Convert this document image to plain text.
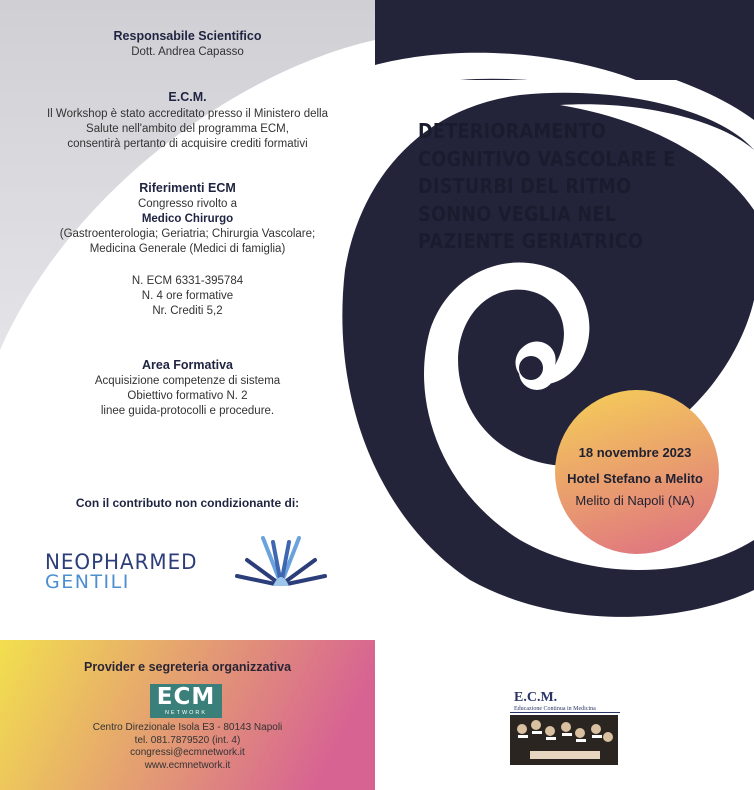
Responsabile Scientifico
Dott. Andrea Capasso
E.C.M.
Il Workshop è stato accreditato presso il Ministero della
Salute nell'ambito del programma ECM,
consentirà pertanto di acquisire crediti formativi
Riferimenti ECM
Congresso rivolto a
Medico Chirurgo
(Gastroenterologia; Geriatria; Chirurgia Vascolare;
Medicina Generale (Medici di famiglia)
N. ECM 6331-395784
N. 4 ore formative
Nr. Crediti 5,2
Area Formativa
Acquisizione competenze di sistema
Obiettivo formativo N. 2
linee guida-protocolli e procedure.
Con il contributo non condizionante di:
NEOPHARMED
GENTILI
DETERIORAMENTO
COGNITIVO VASCOLARE E
DISTURBI DEL RITMO
SONNO VEGLIA NEL
PAZIENTE GERIATRICO
18 novembre 2023
Hotel Stefano a Melito
Melito di Napoli (NA)
Provider e segreteria organizzativa
ECM
NETWORK
Centro Direzionale Isola E3 - 80143 Napoli
tel. 081.7879520 (int. 4)
congressi@ecmnetwork.it
www.ecmnetwork.it
E.C.M.
Educazione Continua in Medicina
